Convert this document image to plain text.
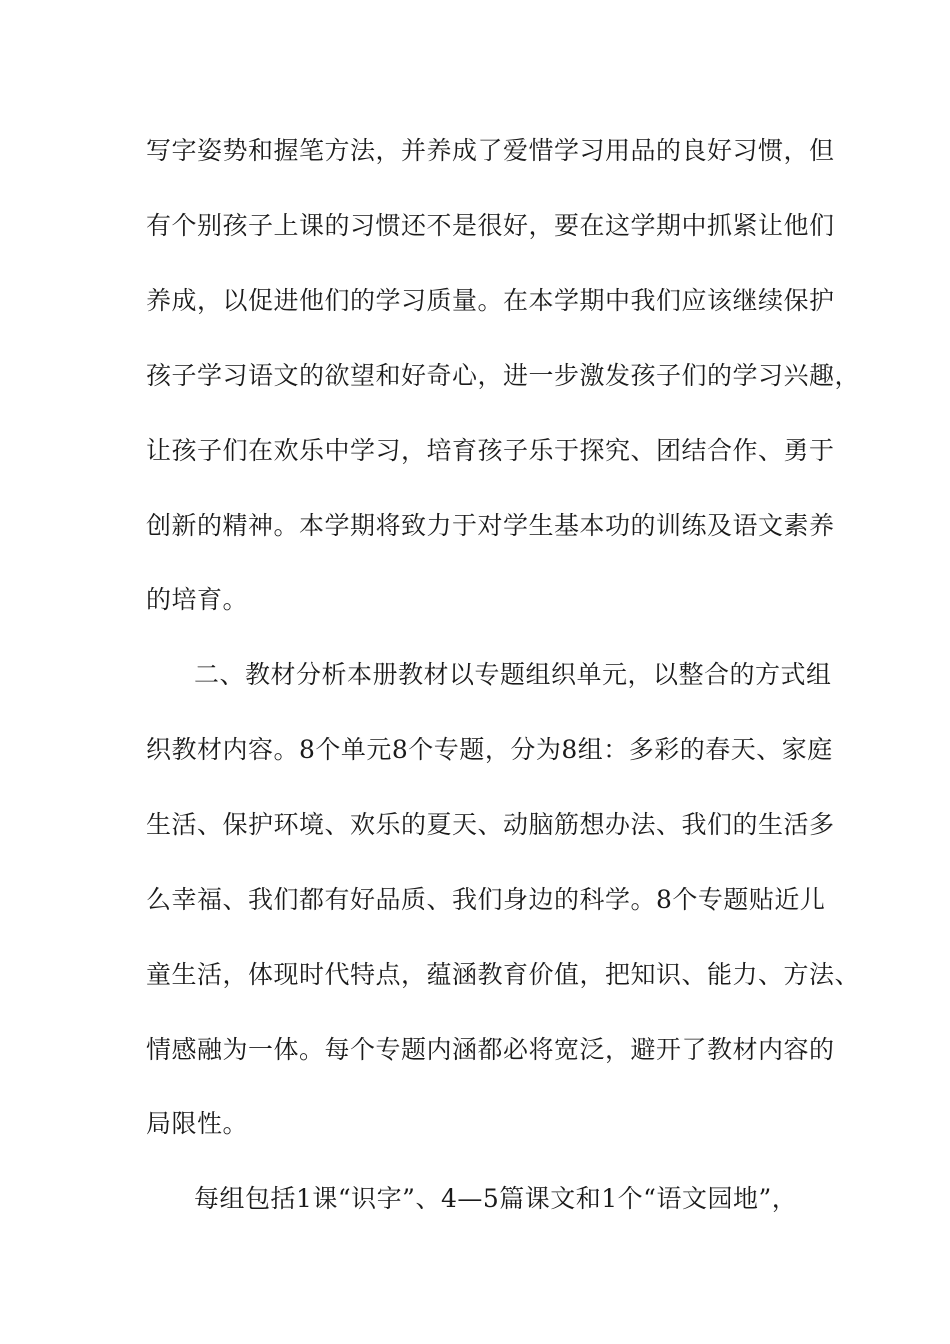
写字姿势和握笔方法，并养成了爱惜学习用品的良好习惯，但
有个别孩子上课的习惯还不是很好，要在这学期中抓紧让他们
养成，以促进他们的学习质量。在本学期中我们应该继续保护
孩子学习语文的欲望和好奇心，进一步激发孩子们的学习兴趣，
让孩子们在欢乐中学习，培育孩子乐于探究、团结合作、勇于
创新的精神。本学期将致力于对学生基本功的训练及语文素养
的培育。
二、教材分析本册教材以专题组织单元，以整合的方式组
织教材内容。8个单元8个专题，分为8组：多彩的春天、家庭
生活、保护环境、欢乐的夏天、动脑筋想办法、我们的生活多
么幸福、我们都有好品质、我们身边的科学。8个专题贴近儿
童生活，体现时代特点，蕴涵教育价值，把知识、能力、方法、
情感融为一体。每个专题内涵都必将宽泛，避开了教材内容的
局限性。
每组包括1课“识字”、4—5篇课文和1个“语文园地”，
